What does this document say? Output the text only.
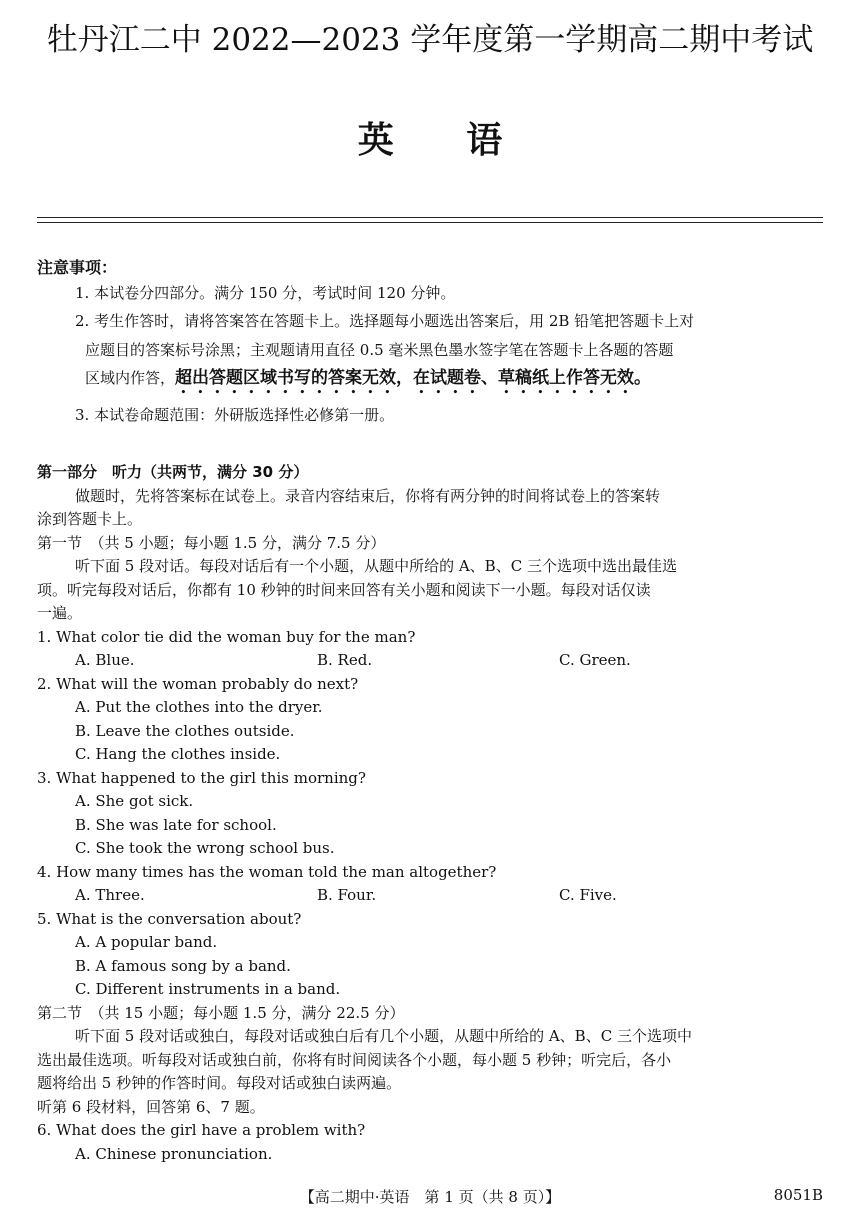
牡丹江二中 2022—2023 学年度第一学期高二期中考试
英 语
注意事项：
1. 本试卷分四部分。满分 150 分，考试时间 120 分钟。
2. 考生作答时，请将答案答在答题卡上。选择题每小题选出答案后，用 2B 铅笔把答题卡上对
应题目的答案标号涂黑；主观题请用直径 0.5 毫米黑色墨水签字笔在答题卡上各题的答题
区域内作答，超出答题区域书写的答案无效，在试题卷、草稿纸上作答无效。
3. 本试卷命题范围：外研版选择性必修第一册。
第一部分　听力（共两节，满分 30 分）
做题时，先将答案标在试卷上。录音内容结束后，你将有两分钟的时间将试卷上的答案转
涂到答题卡上。
第一节　（共 5 小题；每小题 1.5 分，满分 7.5 分）
听下面 5 段对话。每段对话后有一个小题，从题中所给的 A、B、C 三个选项中选出最佳选
项。听完每段对话后，你都有 10 秒钟的时间来回答有关小题和阅读下一小题。每段对话仅读
一遍。
1. What color tie did the woman buy for the man?
A. Blue.	B. Red.	C. Green.
2. What will the woman probably do next?
A. Put the clothes into the dryer.
B. Leave the clothes outside.
C. Hang the clothes inside.
3. What happened to the girl this morning?
A. She got sick.
B. She was late for school.
C. She took the wrong school bus.
4. How many times has the woman told the man altogether?
A. Three.	B. Four.	C. Five.
5. What is the conversation about?
A. A popular band.
B. A famous song by a band.
C. Different instruments in a band.
第二节　（共 15 小题；每小题 1.5 分，满分 22.5 分）
听下面 5 段对话或独白，每段对话或独白后有几个小题，从题中所给的 A、B、C 三个选项中
选出最佳选项。听每段对话或独白前，你将有时间阅读各个小题，每小题 5 秒钟；听完后，各小
题将给出 5 秒钟的作答时间。每段对话或独白读两遍。
听第 6 段材料，回答第 6、7 题。
6. What does the girl have a problem with?
A. Chinese pronunciation.
【高二期中·英语　第 1 页（共 8 页）】	8051B
